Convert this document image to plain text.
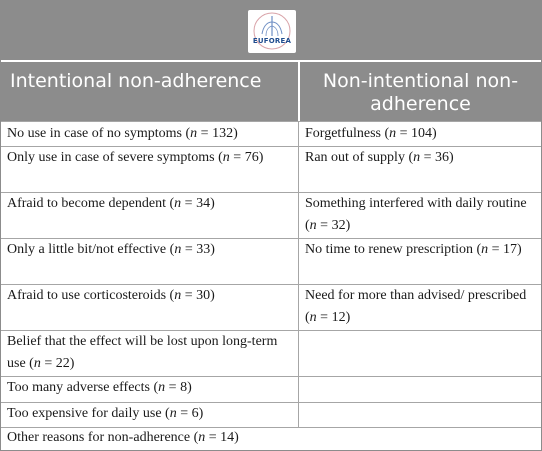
EUFOREA
Intentional non-adherence	Non-intentional non-adherence
No use in case of no symptoms (n = 132)	Forgetfulness (n = 104)
Only use in case of severe symptoms (n = 76)	Ran out of supply (n = 36)
Afraid to become dependent (n = 34)	Something interfered with daily routine (n = 32)
Only a little bit/not effective (n = 33)	No time to renew prescription (n = 17)
Afraid to use corticosteroids (n = 30)	Need for more than advised/ prescribed (n = 12)
Belief that the effect will be lost upon long-term use (n = 22)
Too many adverse effects (n = 8)
Too expensive for daily use (n = 6)
Other reasons for non-adherence (n = 14)
